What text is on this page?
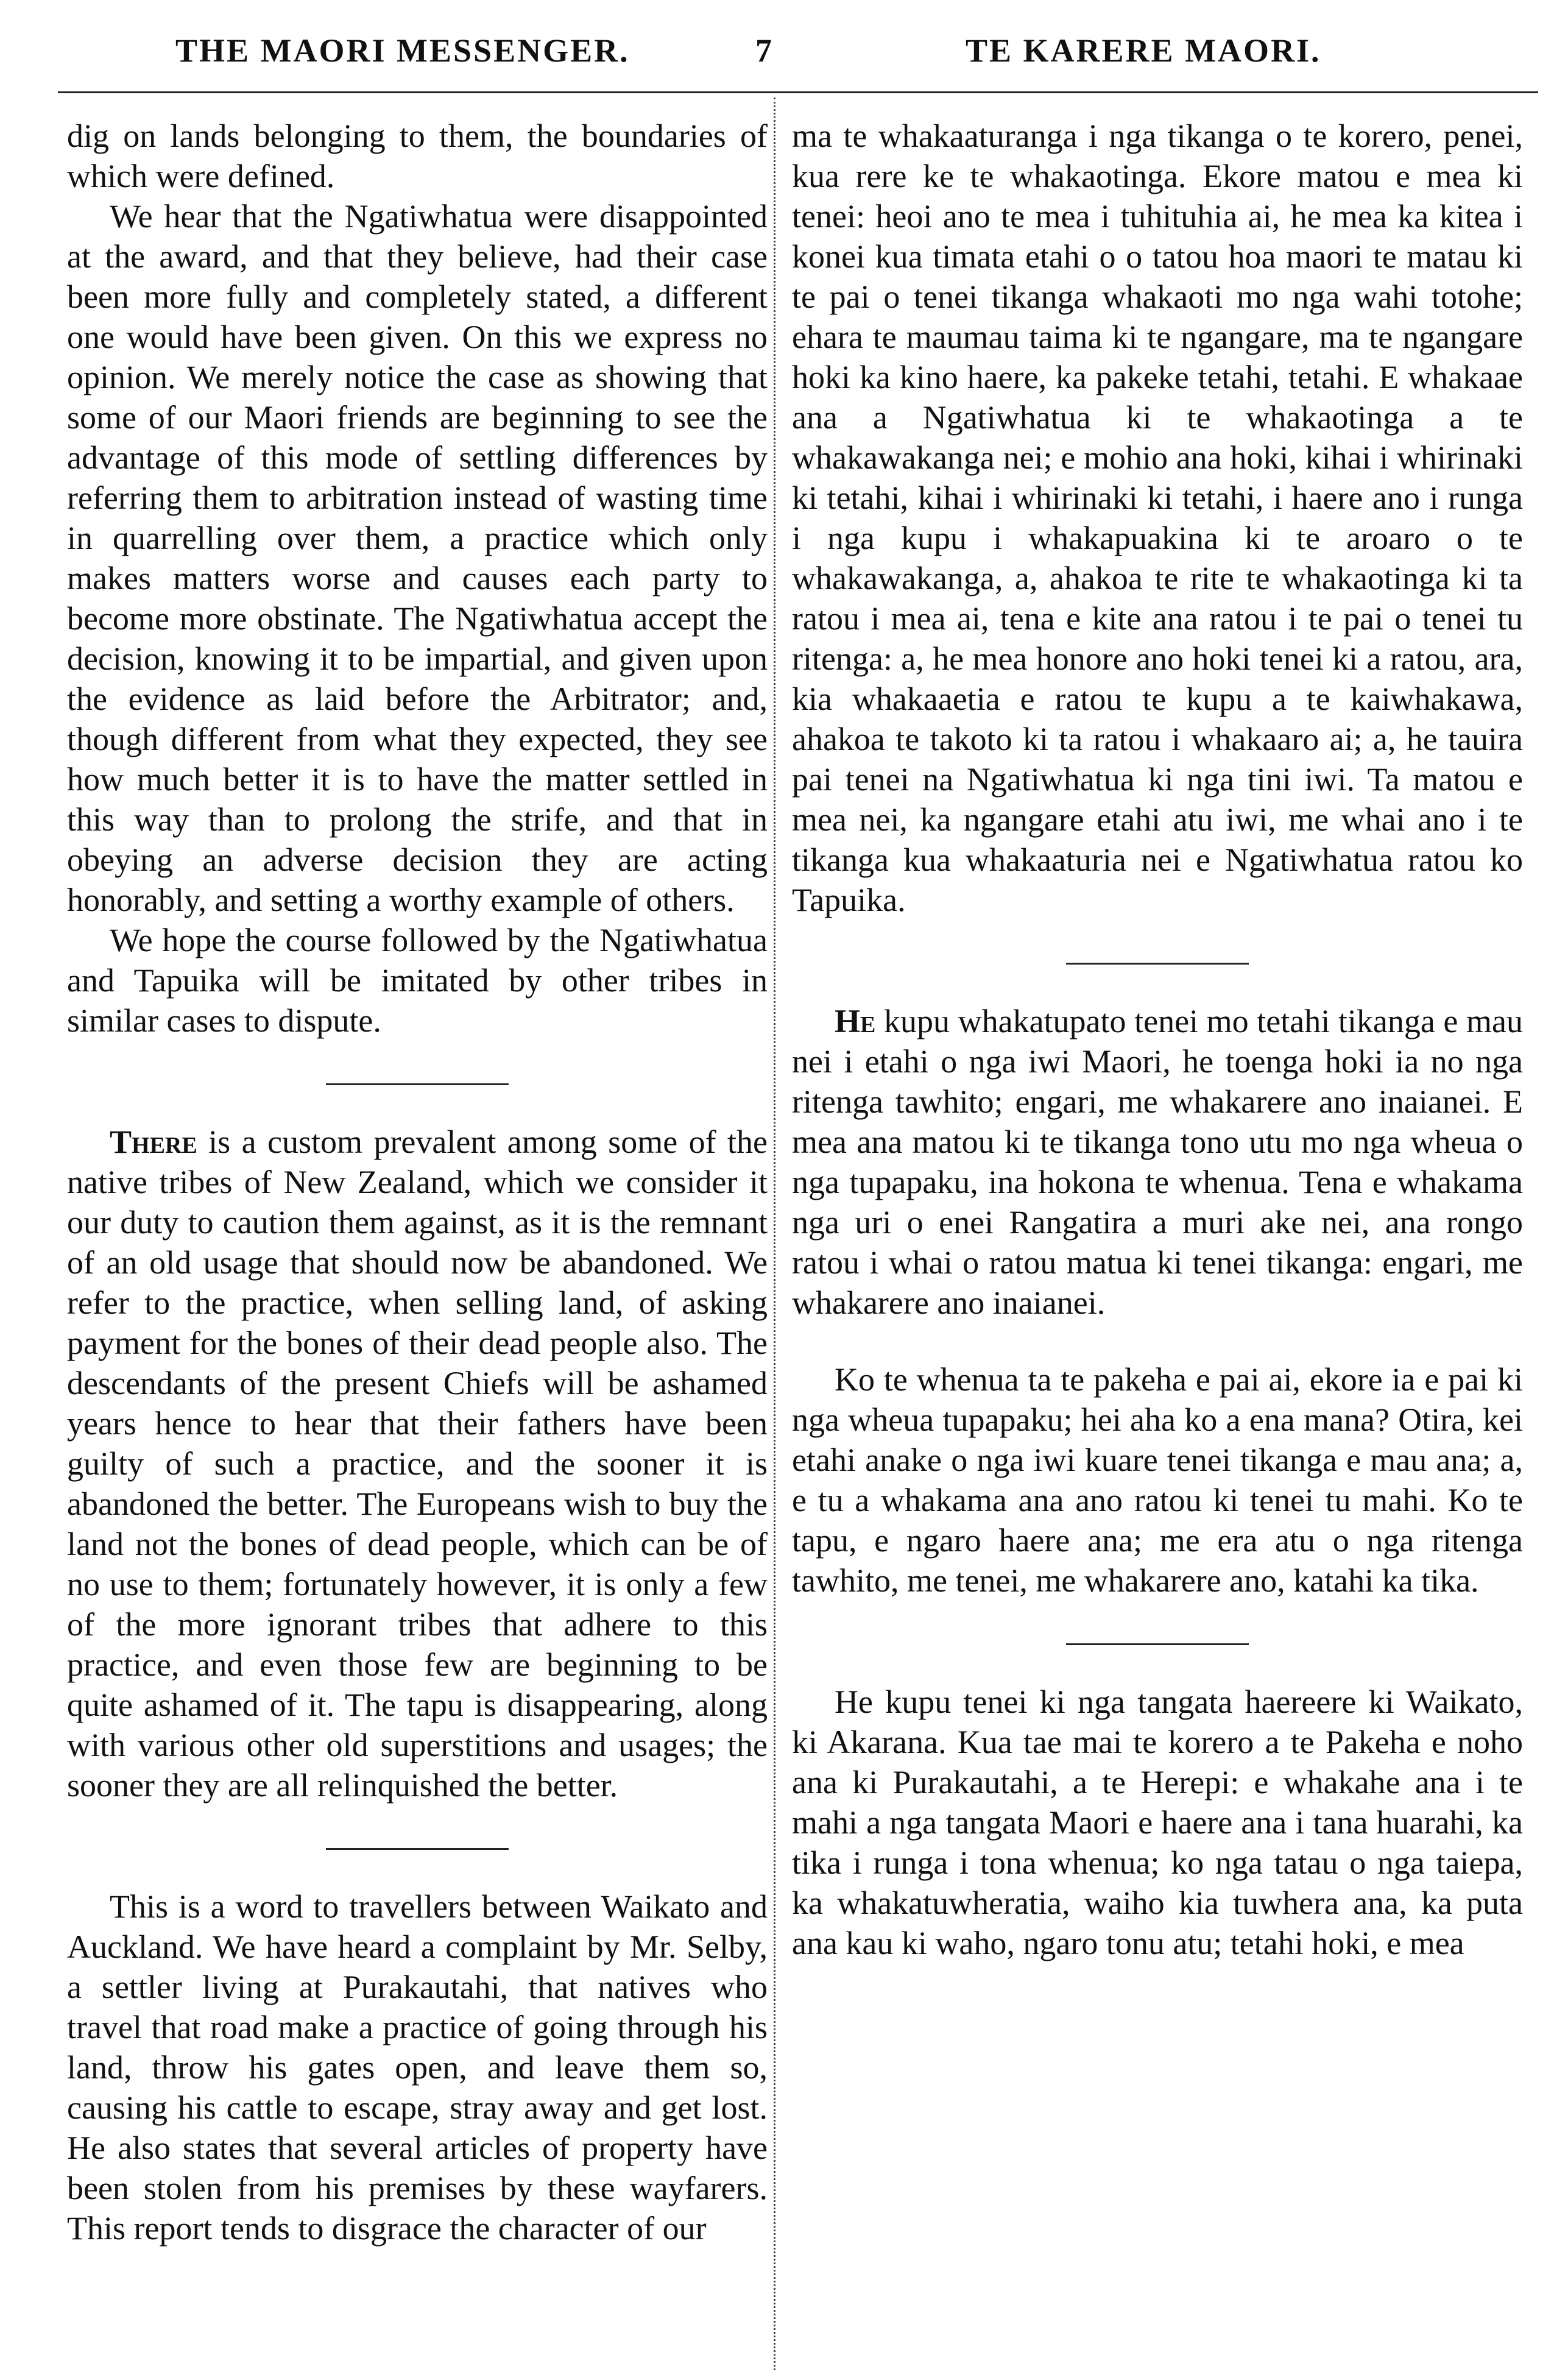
THE MAORI MESSENGER.	7	TE KARERE MAORI.

dig on lands belonging to them, the boundaries of which were defined.

We hear that the Ngatiwhatua were disappointed at the award, and that they believe, had their case been more fully and completely stated, a different one would have been given. On this we express no opinion. We merely notice the case as showing that some of our Maori friends are beginning to see the advantage of this mode of settling differences by referring them to arbitration instead of wasting time in quarrelling over them, a practice which only makes matters worse and causes each party to become more obstinate. The Ngatiwhatua accept the decision, knowing it to be impartial, and given upon the evidence as laid before the Arbitrator; and, though different from what they expected, they see how much better it is to have the matter settled in this way than to prolong the strife, and that in obeying an adverse decision they are acting honorably, and setting a worthy example of others.

We hope the course followed by the Ngatiwhatua and Tapuika will be imitated by other tribes in similar cases to dispute.

There is a custom prevalent among some of the native tribes of New Zealand, which we consider it our duty to caution them against, as it is the remnant of an old usage that should now be abandoned. We refer to the practice, when selling land, of asking payment for the bones of their dead people also. The descendants of the present Chiefs will be ashamed years hence to hear that their fathers have been guilty of such a practice, and the sooner it is abandoned the better. The Europeans wish to buy the land not the bones of dead people, which can be of no use to them; fortunately however, it is only a few of the more ignorant tribes that adhere to this practice, and even those few are beginning to be quite ashamed of it. The tapu is disappearing, along with various other old superstitions and usages; the sooner they are all relinquished the better.

This is a word to travellers between Waikato and Auckland. We have heard a complaint by Mr. Selby, a settler living at Purakautahi, that natives who travel that road make a practice of going through his land, throw his gates open, and leave them so, causing his cattle to escape, stray away and get lost. He also states that several articles of property have been stolen from his premises by these wayfarers. This report tends to disgrace the character of our

ma te whakaaturanga i nga tikanga o te korero, penei, kua rere ke te whakaotinga. Ekore matou e mea ki tenei: heoi ano te mea i tuhituhia ai, he mea ka kitea i konei kua timata etahi o o tatou hoa maori te matau ki te pai o tenei tikanga whakaoti mo nga wahi totohe; ehara te maumau taima ki te ngangare, ma te ngangare hoki ka kino haere, ka pakeke tetahi, tetahi. E whakaae ana a Ngatiwhatua ki te whakaotinga a te whakawakanga nei; e mohio ana hoki, kihai i whirinaki ki tetahi, kihai i whirinaki ki tetahi, i haere ano i runga i nga kupu i whakapuakina ki te aroaro o te whakawakanga, a, ahakoa te rite te whakaotinga ki ta ratou i mea ai, tena e kite ana ratou i te pai o tenei tu ritenga: a, he mea honore ano hoki tenei ki a ratou, ara, kia whakaaetia e ratou te kupu a te kaiwhakawa, ahakoa te takoto ki ta ratou i whakaaro ai; a, he tauira pai tenei na Ngatiwhatua ki nga tini iwi. Ta matou e mea nei, ka ngangare etahi atu iwi, me whai ano i te tikanga kua whakaaturia nei e Ngatiwhatua ratou ko Tapuika.

He kupu whakatupato tenei mo tetahi tikanga e mau nei i etahi o nga iwi Maori, he toenga hoki ia no nga ritenga tawhito; engari, me whakarere ano inaianei. E mea ana matou ki te tikanga tono utu mo nga wheua o nga tupapaku, ina hokona te whenua. Tena e whakama nga uri o enei Rangatira a muri ake nei, ana rongo ratou i whai o ratou matua ki tenei tikanga: engari, me whakarere ano inaianei.

Ko te whenua ta te pakeha e pai ai, ekore ia e pai ki nga wheua tupapaku; hei aha ko a ena mana? Otira, kei etahi anake o nga iwi kuare tenei tikanga e mau ana; a, e tu a whakama ana ano ratou ki tenei tu mahi. Ko te tapu, e ngaro haere ana; me era atu o nga ritenga tawhito, me tenei, me whakarere ano, katahi ka tika.

He kupu tenei ki nga tangata haereere ki Waikato, ki Akarana. Kua tae mai te korero a te Pakeha e noho ana ki Purakautahi, a te Herepi: e whakahe ana i te mahi a nga tangata Maori e haere ana i tana huarahi, ka tika i runga i tona whenua; ko nga tatau o nga taiepa, ka whakatuwheratia, waiho kia tuwhera ana, ka puta ana kau ki waho, ngaro tonu atu; tetahi hoki, e mea
